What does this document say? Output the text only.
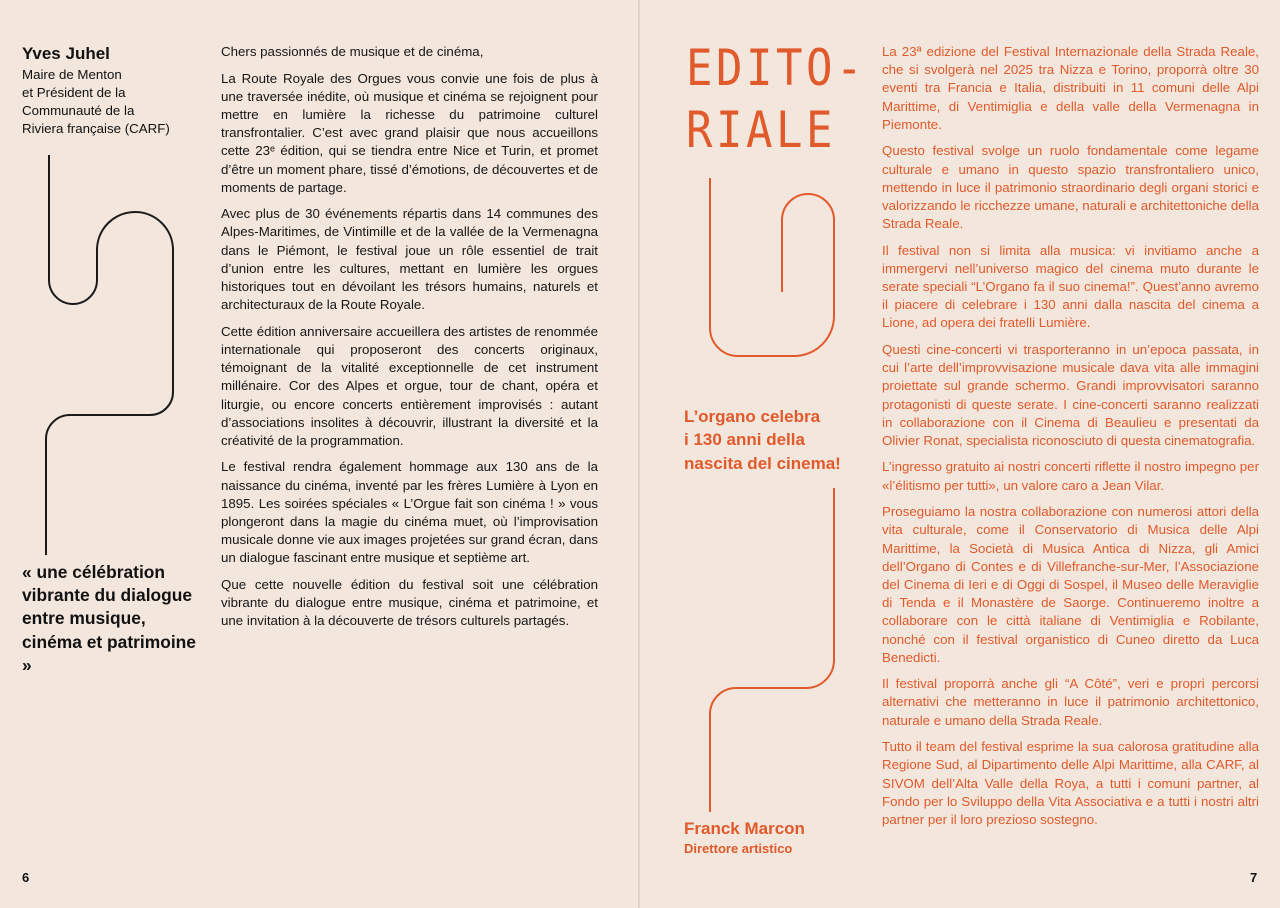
Yves Juhel
Maire de Menton
et Président de la
Communauté de la
Riviera française (CARF)

Chers passionnés de musique et de cinéma,

La Route Royale des Orgues vous convie une fois de plus à une traversée inédite, où musique et cinéma se rejoignent pour mettre en lumière la richesse du patrimoine culturel transfrontalier. C’est avec grand plaisir que nous accueillons cette 23ᵉ édition, qui se tiendra entre Nice et Turin, et promet d’être un moment phare, tissé d’émotions, de découvertes et de moments de partage.

Avec plus de 30 événements répartis dans 14 communes des Alpes-Maritimes, de Vintimille et de la vallée de la Vermenagna dans le Piémont, le festival joue un rôle essentiel de trait d’union entre les cultures, mettant en lumière les orgues historiques tout en dévoilant les trésors humains, naturels et architecturaux de la Route Royale.

Cette édition anniversaire accueillera des artistes de renommée internationale qui proposeront des concerts originaux, témoignant de la vitalité exceptionnelle de cet instrument millénaire. Cor des Alpes et orgue, tour de chant, opéra et liturgie, ou encore concerts entièrement improvisés : autant d’associations insolites à découvrir, illustrant la diversité et la créativité de la programmation.

Le festival rendra également hommage aux 130 ans de la naissance du cinéma, inventé par les frères Lumière à Lyon en 1895. Les soirées spéciales « L’Orgue fait son cinéma ! » vous plongeront dans la magie du cinéma muet, où l’improvisation musicale donne vie aux images projetées sur grand écran, dans un dialogue fascinant entre musique et septième art.

Que cette nouvelle édition du festival soit une célébration vibrante du dialogue entre musique, cinéma et patrimoine, et une invitation à la découverte de trésors culturels partagés.

« une célébration vibrante du dialogue entre musique, cinéma et patrimoine »

6
EDITO-
RIALE
L’organo celebra
i 130 anni della
nascita del cinema!
Franck Marcon
Direttore artistico

La 23ª edizione del Festival Internazionale della Strada Reale, che si svolgerà nel 2025 tra Nizza e Torino, proporrà oltre 30 eventi tra Francia e Italia, distribuiti in 11 comuni delle Alpi Marittime, di Ventimiglia e della valle della Vermenagna in Piemonte.

Questo festival svolge un ruolo fondamentale come legame culturale e umano in questo spazio transfrontaliero unico, mettendo in luce il patrimonio straordinario degli organi storici e valorizzando le ricchezze umane, naturali e architettoniche della Strada Reale.

Il festival non si limita alla musica: vi invitiamo anche a immergervi nell’universo magico del cinema muto durante le serate speciali “L’Organo fa il suo cinema!”. Quest’anno avremo il piacere di celebrare i 130 anni dalla nascita del cinema a Lione, ad opera dei fratelli Lumière.

Questi cine-concerti vi trasporteranno in un’epoca passata, in cui l’arte dell’improvvisazione musicale dava vita alle immagini proiettate sul grande schermo. Grandi improvvisatori saranno protagonisti di queste serate. I cine-concerti saranno realizzati in collaborazione con il Cinema di Beaulieu e presentati da Olivier Ronat, specialista riconosciuto di questa cinematografia.

L’ingresso gratuito ai nostri concerti riflette il nostro impegno per «l’élitismo per tutti», un valore caro a Jean Vilar.

Proseguiamo la nostra collaborazione con numerosi attori della vita culturale, come il Conservatorio di Musica delle Alpi Marittime, la Società di Musica Antica di Nizza, gli Amici dell’Organo di Contes e di Villefranche-sur-Mer, l’Associazione del Cinema di Ieri e di Oggi di Sospel, il Museo delle Meraviglie di Tenda e il Monastère de Saorge. Continueremo inoltre a collaborare con le città italiane di Ventimiglia e Robilante, nonché con il festival organistico di Cuneo diretto da Luca Benedicti.

Il festival proporrà anche gli “A Côté”, veri e propri percorsi alternativi che metteranno in luce il patrimonio architettonico, naturale e umano della Strada Reale.

Tutto il team del festival esprime la sua calorosa gratitudine alla Regione Sud, al Dipartimento delle Alpi Marittime, alla CARF, al SIVOM dell’Alta Valle della Roya, a tutti i comuni partner, al Fondo per lo Sviluppo della Vita Associativa e a tutti i nostri altri partner per il loro prezioso sostegno.

7
